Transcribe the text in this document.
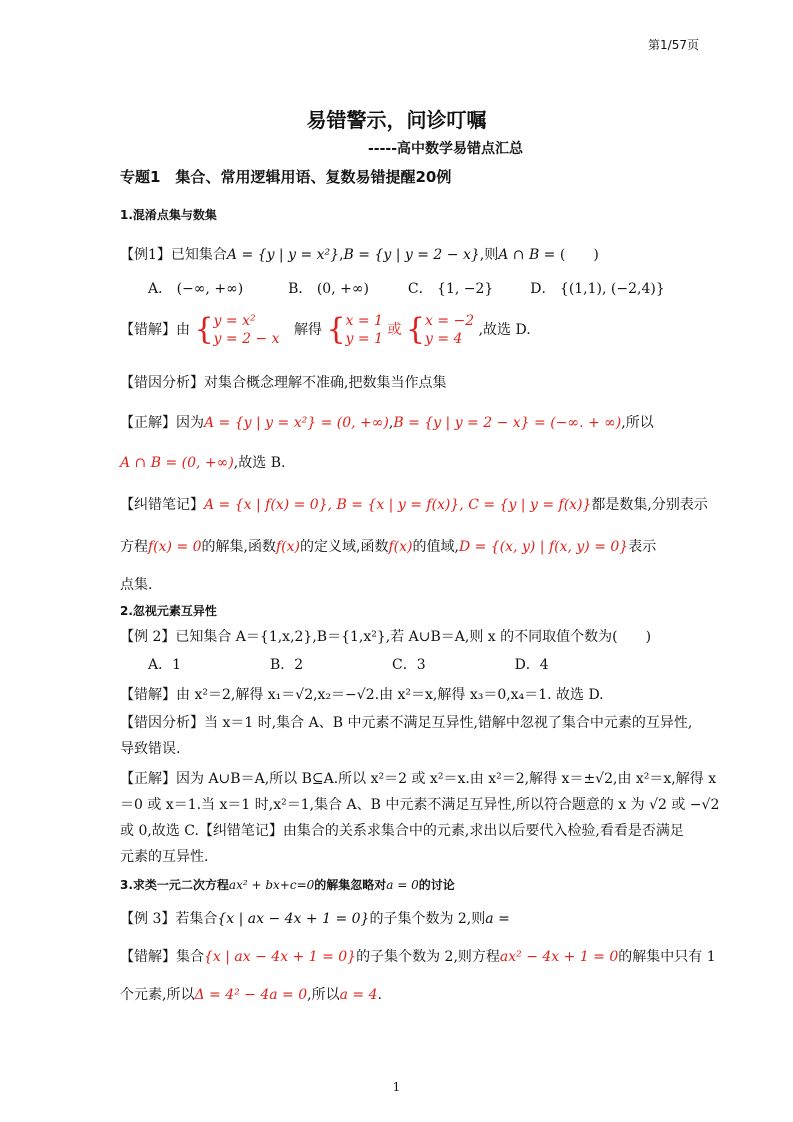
第1/57页
易错警示，问诊叮嘱
-----高中数学易错点汇总
专题1　集合、常用逻辑用语、复数易错提醒20例
1.混淆点集与数集
【例1】已知集合A = {y | y = x²},B = {y | y = 2 − x},则A ∩ B = (　　)
A． (−∞, +∞)	B． (0, +∞)	C． {1, −2}	D． {(1,1), (−2,4)}
【错解】由 {y = x²
y = 2 − x 解得 {x = 1
y = 1 或 {x = −2
y = 4 ,故选 D.
【错因分析】对集合概念理解不准确,把数集当作点集
【正解】因为A = {y | y = x²} = (0, +∞),B = {y | y = 2 − x} = (−∞. + ∞),所以
A ∩ B = (0, +∞),故选 B.
【纠错笔记】A = {x | f(x) = 0}, B = {x | y = f(x)}, C = {y | y = f(x)}都是数集,分别表示
方程f(x) = 0的解集,函数f(x)的定义域,函数f(x)的值域,D = {(x, y) | f(x, y) = 0}表示
点集.
2.忽视元素互异性
【例 2】已知集合 A＝{1,x,2},B＝{1,x²},若 A∪B＝A,则 x 的不同取值个数为(　　)
A．1	B．2	C．3	D．4
【错解】由 x²＝2,解得 x₁＝√2,x₂＝−√2.由 x²＝x,解得 x₃＝0,x₄＝1. 故选 D.
【错因分析】当 x＝1 时,集合 A、B 中元素不满足互异性,错解中忽视了集合中元素的互异性,
导致错误.
【正解】因为 A∪B＝A,所以 B⊆A.所以 x²＝2 或 x²＝x.由 x²＝2,解得 x＝±√2,由 x²＝x,解得 x
＝0 或 x＝1.当 x＝1 时,x²＝1,集合 A、B 中元素不满足互异性,所以符合题意的 x 为 √2 或 −√2
或 0,故选 C.【纠错笔记】由集合的关系求集合中的元素,求出以后要代入检验,看看是否满足
元素的互异性.
3.求类一元二次方程ax² + bx+c=0的解集忽略对a = 0的讨论
【例 3】若集合{x | ax − 4x + 1 = 0}的子集个数为 2,则a =
【错解】集合{x | ax − 4x + 1 = 0}的子集个数为 2,则方程ax² − 4x + 1 = 0的解集中只有 1
个元素,所以Δ = 4² − 4a = 0,所以a = 4.
1
